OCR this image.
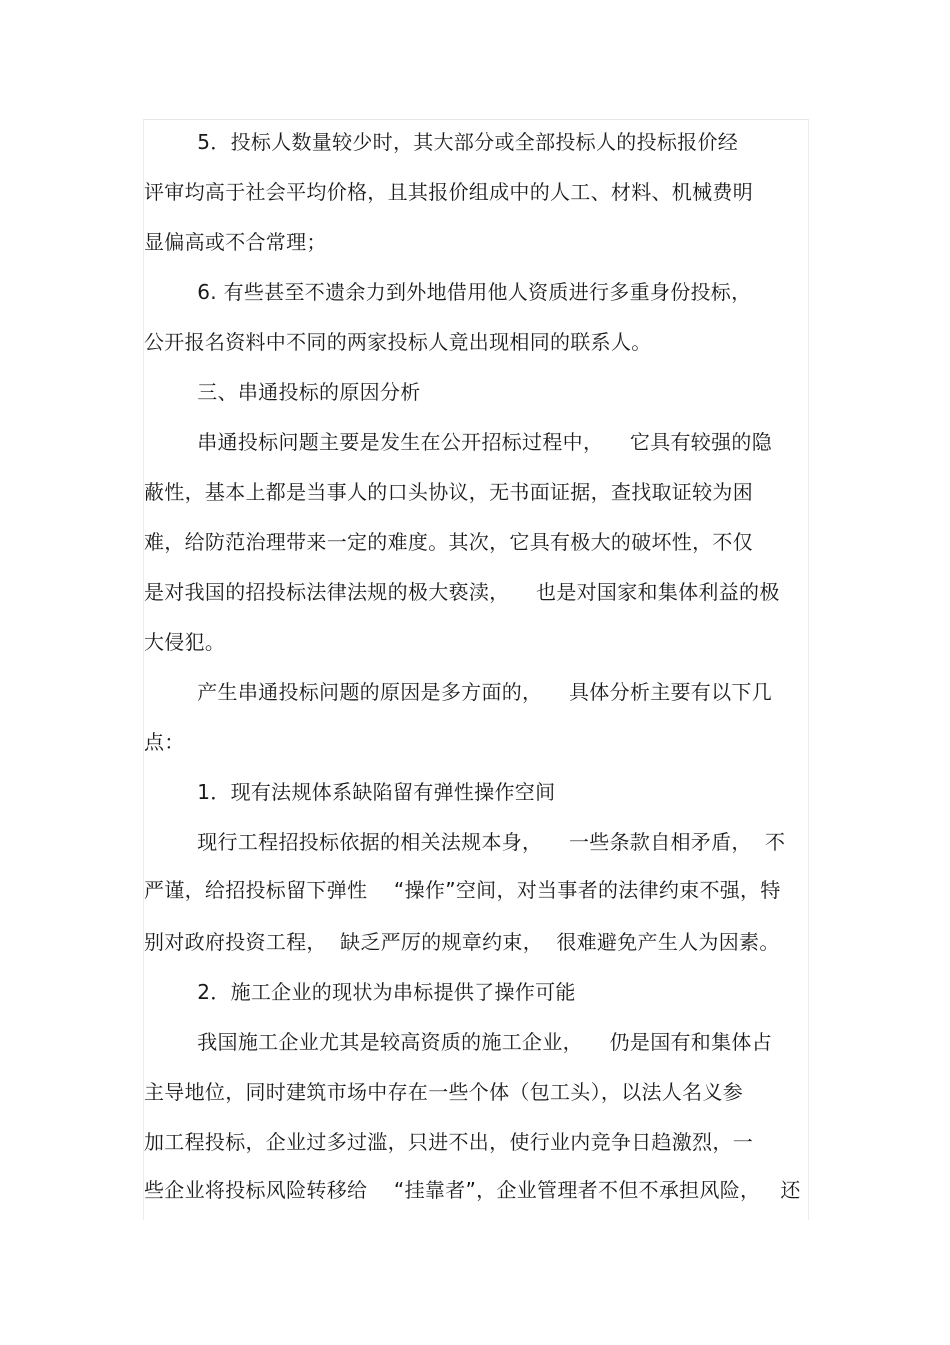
5．投标人数量较少时，其大部分或全部投标人的投标报价经
评审均高于社会平均价格，且其报价组成中的人工、材料、机械费明
显偏高或不合常理；
6. 有些甚至不遗余力到外地借用他人资质进行多重身份投标，
公开报名资料中不同的两家投标人竟出现相同的联系人。
三、串通投标的原因分析
串通投标问题主要是发生在公开招标过程中，    它具有较强的隐
蔽性，基本上都是当事人的口头协议，无书面证据，查找取证较为困
难，给防范治理带来一定的难度。其次，它具有极大的破坏性，不仅
是对我国的招投标法律法规的极大亵渎，    也是对国家和集体利益的极
大侵犯。
产生串通投标问题的原因是多方面的，    具体分析主要有以下几
点：
1．现有法规体系缺陷留有弹性操作空间
现行工程招投标依据的相关法规本身，    一些条款自相矛盾，  不
严谨，给招投标留下弹性    “操作”空间，对当事者的法律约束不强，特
别对政府投资工程，  缺乏严厉的规章约束，  很难避免产生人为因素。
2．施工企业的现状为串标提供了操作可能
我国施工企业尤其是较高资质的施工企业，    仍是国有和集体占
主导地位，同时建筑市场中存在一些个体（包工头），以法人名义参
加工程投标，企业过多过滥，只进不出，使行业内竞争日趋激烈，一
些企业将投标风险转移给    “挂靠者”，企业管理者不但不承担风险，   还
